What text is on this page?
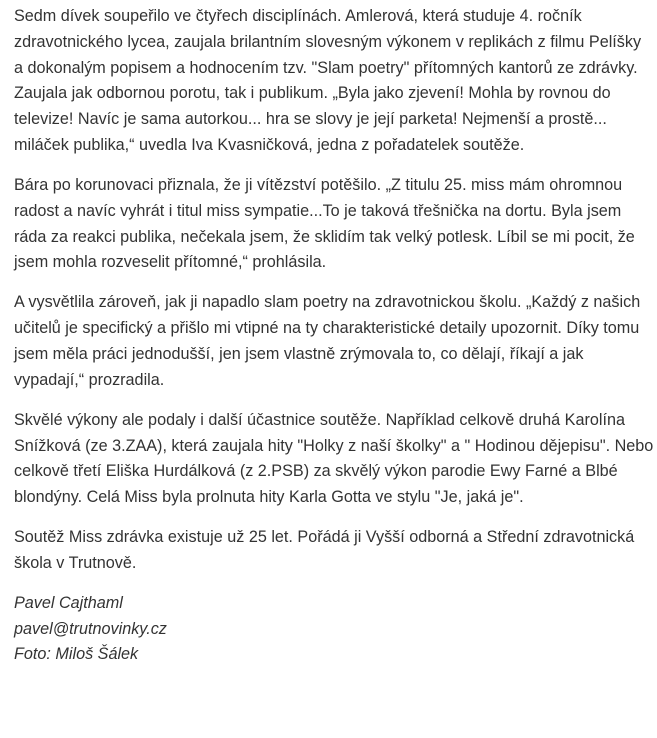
Sedm dívek soupeřilo ve čtyřech disciplínách. Amlerová, která studuje 4. ročník zdravotnického lycea, zaujala brilantním slovesným výkonem v replikách z filmu Pelíšky a dokonalým popisem a hodnocením tzv. "Slam poetry" přítomných kantorů ze zdrávky. Zaujala jak odbornou porotu, tak i publikum. „Byla jako zjevení! Mohla by rovnou do televize! Navíc je sama autorkou... hra se slovy je její parketa! Nejmenší a prostě... miláček publika,“ uvedla Iva Kvasničková, jedna z pořadatelek soutěže.

Bára po korunovaci přiznala, že ji vítězství potěšilo. „Z titulu 25. miss mám ohromnou radost a navíc vyhrát i titul miss sympatie...To je taková třešnička na dortu. Byla jsem ráda za reakci publika, nečekala jsem, že sklidím tak velký potlesk. Líbil se mi pocit, že jsem mohla rozveselit přítomné,“ prohlásila.

A vysvětlila zároveň, jak ji napadlo slam poetry na zdravotnickou školu. „Každý z našich učitelů je specifický a přišlo mi vtipné na ty charakteristické detaily upozornit. Díky tomu jsem měla práci jednodušší, jen jsem vlastně zrýmovala to, co dělají, říkají a jak vypadají,“ prozradila.

Skvělé výkony ale podaly i další účastnice soutěže. Například celkově druhá Karolína Snížková (ze 3.ZAA), která zaujala hity "Holky z naší školky" a " Hodinou dějepisu". Nebo celkově třetí Eliška Hurdálková (z 2.PSB) za skvělý výkon parodie Ewy Farné a Blbé blondýny. Celá Miss byla prolnuta hity Karla Gotta ve stylu "Je, jaká je".

Soutěž Miss zdrávka existuje už 25 let. Pořádá ji Vyšší odborná a Střední zdravotnická škola v Trutnově.

Pavel Cajthaml
pavel@trutnovinky.cz
Foto: Miloš Šálek
